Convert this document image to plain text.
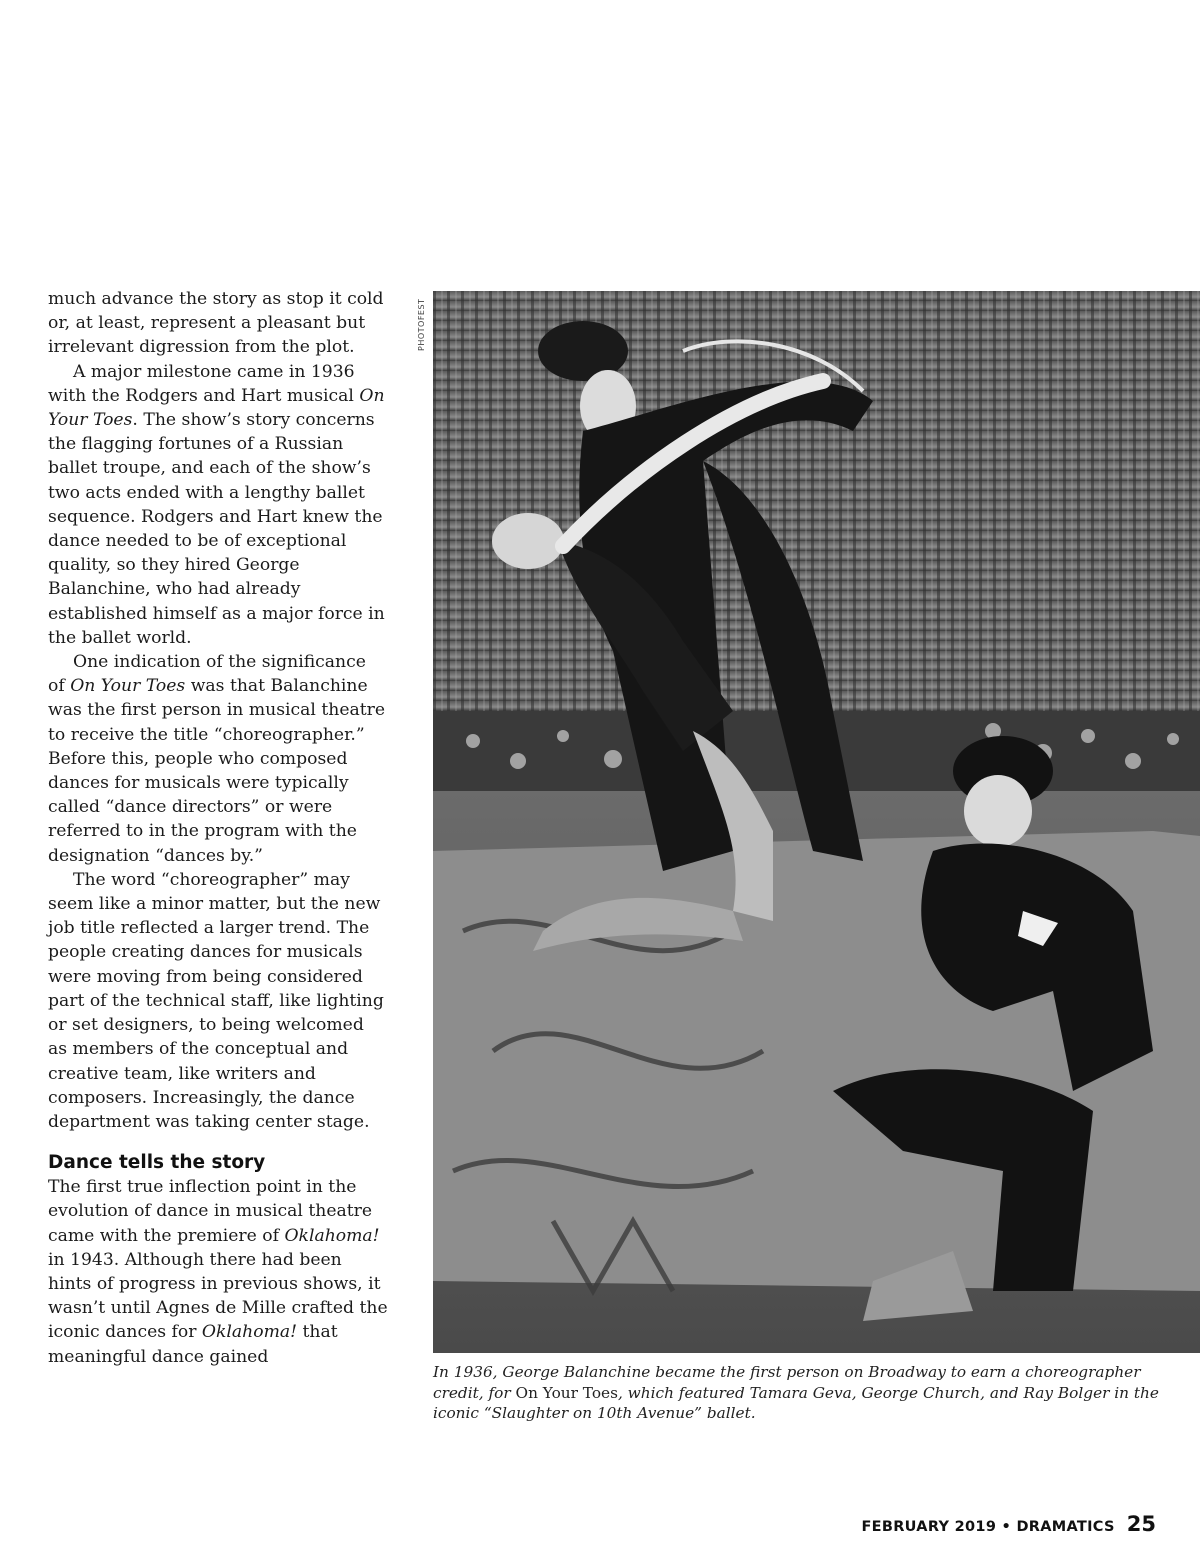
much advance the story as stop it cold or, at least, represent a pleasant but irrelevant digression from the plot.

A major milestone came in 1936 with the Rodgers and Hart musical On Your Toes. The show’s story concerns the flagging fortunes of a Russian ballet troupe, and each of the show’s two acts ended with a lengthy ballet sequence. Rodgers and Hart knew the dance needed to be of exceptional quality, so they hired George Balanchine, who had already established himself as a major force in the ballet world.

One indication of the significance of On Your Toes was that Balanchine was the first person in musical theatre to receive the title “choreographer.” Before this, people who composed dances for musicals were typically called “dance directors” or were referred to in the program with the designation “dances by.”

The word “choreographer” may seem like a minor matter, but the new job title reflected a larger trend. The people creating dances for musicals were moving from being considered part of the technical staff, like lighting or set designers, to being welcomed as members of the conceptual and creative team, like writers and composers. Increasingly, the dance department was taking center stage.

Dance tells the story

The first true inflection point in the evolution of dance in musical theatre came with the premiere of Oklahoma! in 1943. Although there had been hints of progress in previous shows, it wasn’t until Agnes de Mille crafted the iconic dances for Oklahoma! that meaningful dance gained

PHOTOFEST
In 1936, George Balanchine became the first person on Broadway to earn a choreographer credit, for On Your Toes, which featured Tamara Geva, George Church, and Ray Bolger in the iconic “Slaughter on 10th Avenue” ballet.
FEBRUARY 2019 • DRAMATICS 25
